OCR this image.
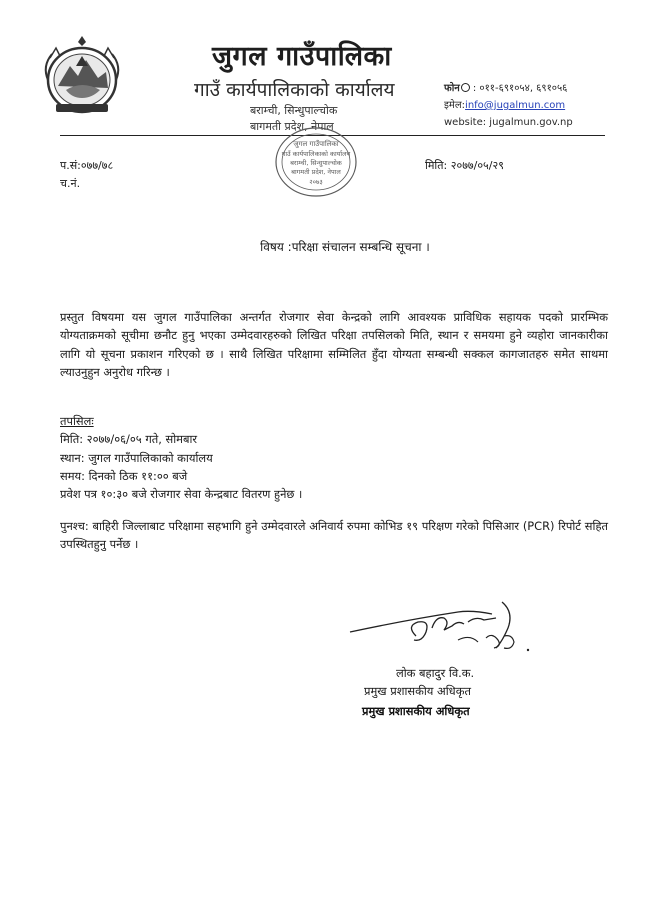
जुगल गाउँपालिका
गाउँ कार्यपालिकाको कार्यालय
बराम्ची, सिन्धुपाल्चोक
बागमती प्रदेश, नेपाल
फोन : ०११-६९१०५४, ६९१०५६
इमेल:info@jugalmun.com
website: jugalmun.gov.np
जुगल गाउँपालिका
गाउँ कार्यपालिकाको कार्यालय
बराम्ची, सिन्धुपाल्चोक
बागमती प्रदेश, नेपाल
२०७३
प.सं:०७७/७८
च.नं.
मिति: २०७७/०५/२९
विषय :परिक्षा संचालन सम्बन्धि सूचना ।
प्रस्तुत विषयमा यस जुगल गाउँपालिका अन्तर्गत रोजगार सेवा केन्द्रको लागि आवश्यक प्राविधिक सहायक पदको प्रारम्भिक योग्यताक्रमको सूचीमा छनौट हुनु भएका उम्मेदवारहरुको लिखित परिक्षा तपसिलको मिति, स्थान र समयमा हुने व्यहोरा जानकारीका लागि यो सूचना प्रकाशन गरिएको छ । साथै लिखित परिक्षामा सम्मिलित हुँदा योग्यता सम्बन्धी सक्कल कागजातहरु समेत साथमा ल्याउनुहुन अनुरोध गरिन्छ ।
तपसिलः
मिति: २०७७/०६/०५ गते, सोमबार
स्थान: जुगल गाउँपालिकाको कार्यालय
समय: दिनको ठिक ११:०० बजे
प्रवेश पत्र १०:३० बजे रोजगार सेवा केन्द्रबाट वितरण हुनेछ ।
पुनश्च: बाहिरी जिल्लाबाट परिक्षामा सहभागि हुने उम्मेदवारले अनिवार्य रुपमा कोभिड १९ परिक्षण गरेको पिसिआर (PCR) रिपोर्ट सहित उपस्थितहुनु पर्नेछ ।
लोक बहादुर वि.क.
प्रमुख प्रशासकीय अधिकृत
प्रमुख प्रशासकीय अधिकृत
